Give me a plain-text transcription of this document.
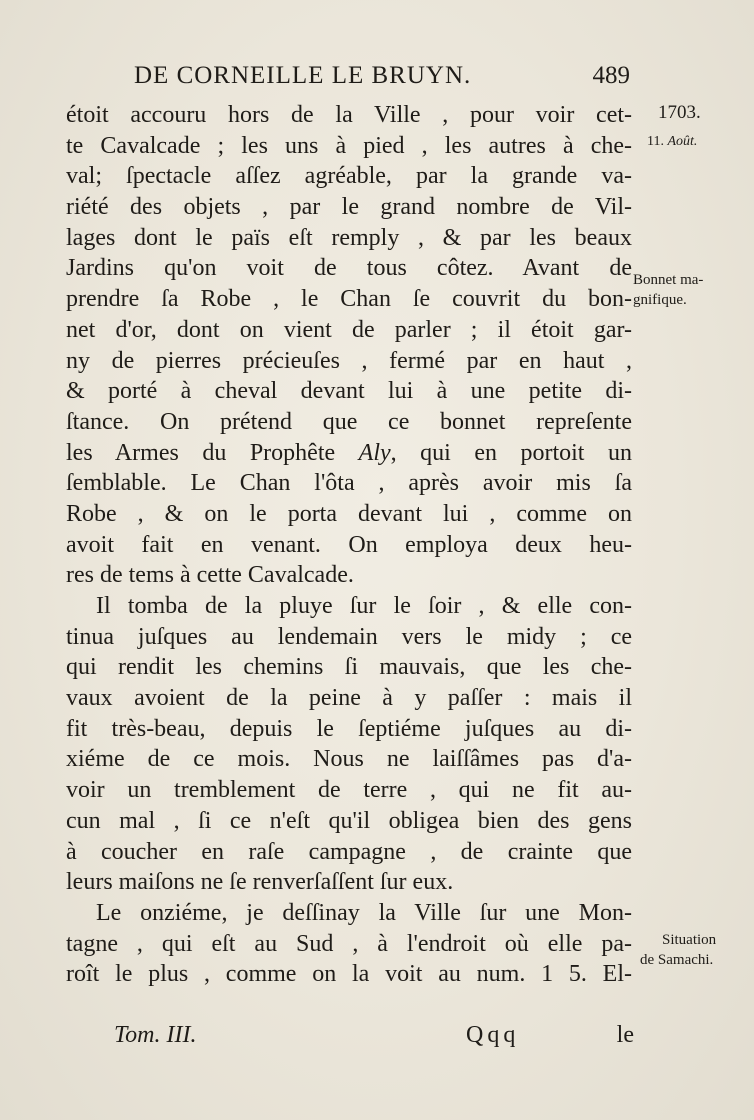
DE CORNEILLE LE BRUYN.	489
1703.
11. Août.
Bonnet ma-
gnifique.
Situation
de Samachi.
étoit accouru hors de la Ville , pour voir cet-
te Cavalcade ; les uns à pied , les autres à che-
val; ſpectacle aſſez agréable, par la grande va-
riété des objets , par le grand nombre de Vil-
lages dont le païs eſt remply , & par les beaux
Jardins qu'on voit de tous côtez. Avant de
prendre ſa Robe , le Chan ſe couvrit du bon-
net d'or, dont on vient de parler ; il étoit gar-
ny de pierres précieuſes , fermé par en haut ,
& porté à cheval devant lui à une petite di-
ſtance. On prétend que ce bonnet repreſente
les Armes du Prophête Aly, qui en portoit un
ſemblable. Le Chan l'ôta , après avoir mis ſa
Robe , & on le porta devant lui , comme on
avoit fait en venant. On employa deux heu-
res de tems à cette Cavalcade.
Il tomba de la pluye ſur le ſoir , & elle con-
tinua juſques au lendemain vers le midy ; ce
qui rendit les chemins ſi mauvais, que les che-
vaux avoient de la peine à y paſſer : mais il
fit très-beau, depuis le ſeptiéme juſques au di-
xiéme de ce mois. Nous ne laiſſâmes pas d'a-
voir un tremblement de terre , qui ne fit au-
cun mal , ſi ce n'eſt qu'il obligea bien des gens
à coucher en raſe campagne , de crainte que
leurs maiſons ne ſe renverſaſſent ſur eux.
Le onziéme, je deſſinay la Ville ſur une Mon-
tagne , qui eſt au Sud , à l'endroit où elle pa-
roît le plus , comme on la voit au num. 1 5. El-
Tom. III.	Qqq	le
